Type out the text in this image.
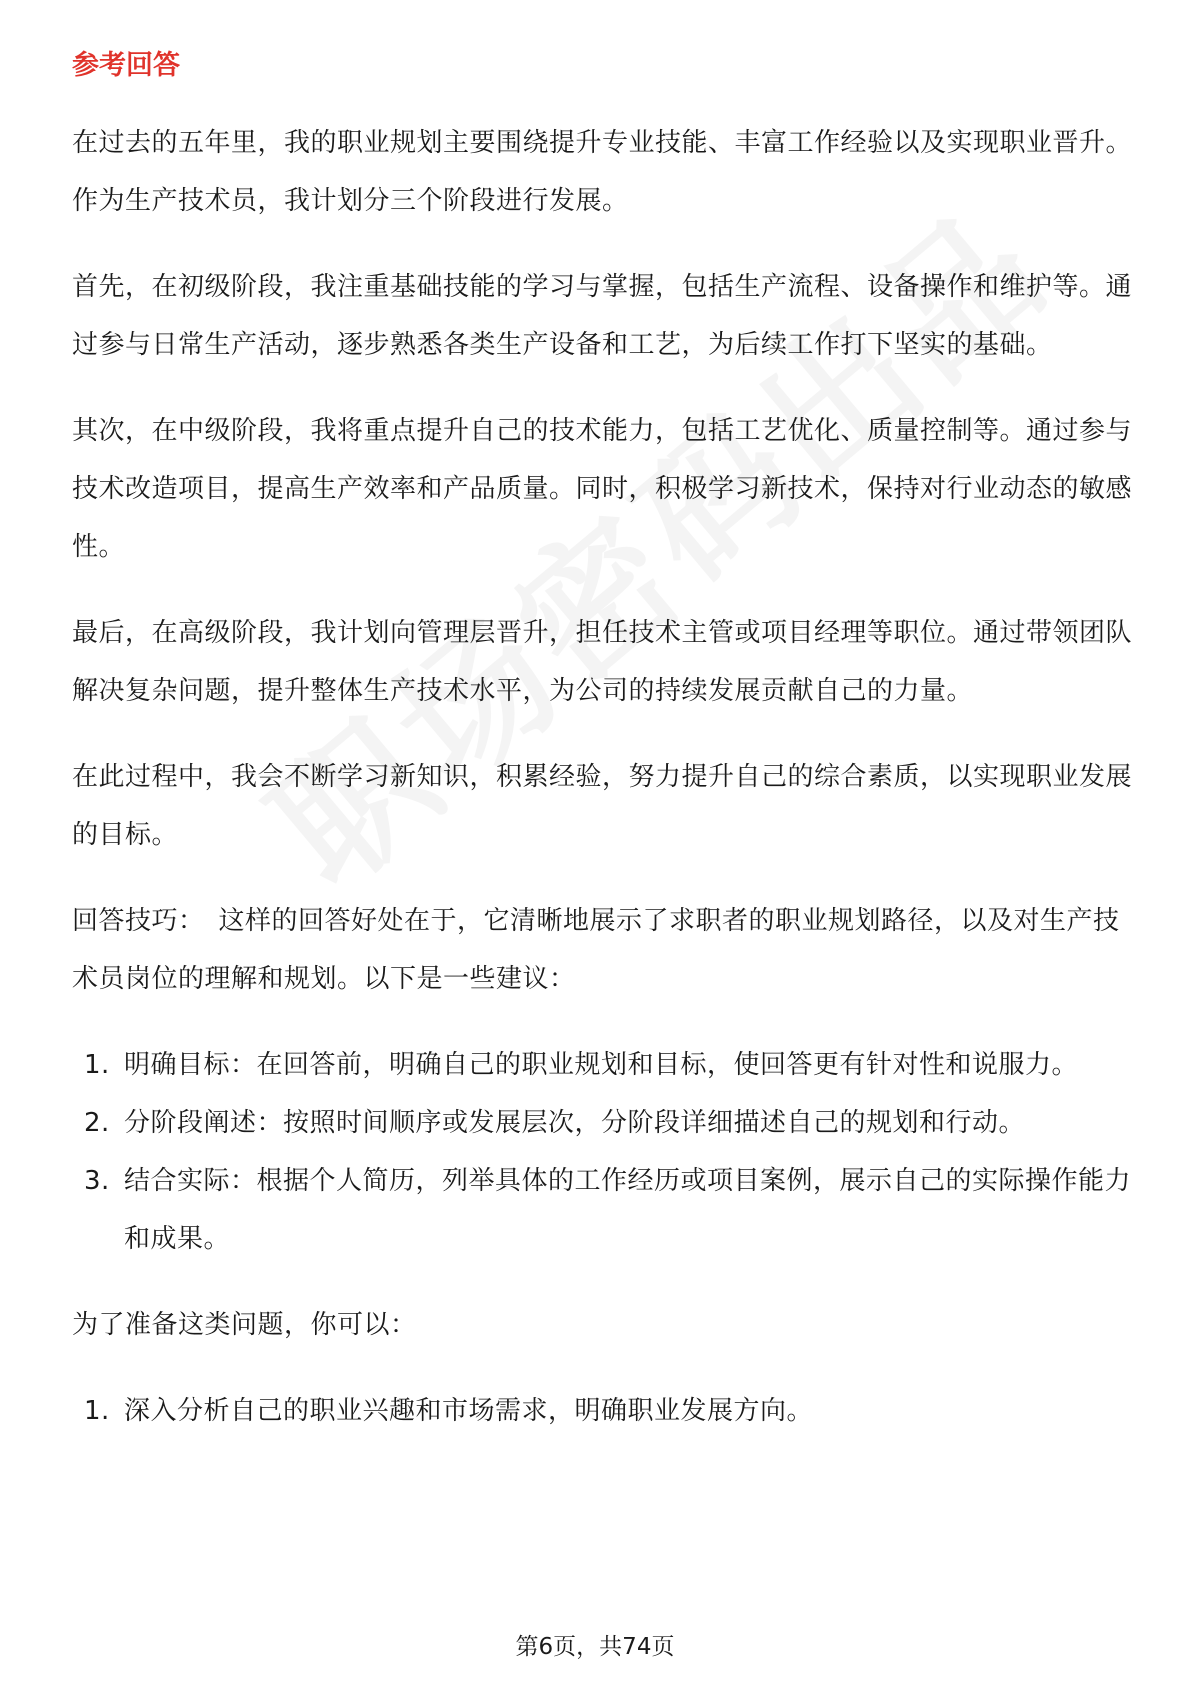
参考回答

在过去的五年里，我的职业规划主要围绕提升专业技能、丰富工作经验以及实现职业晋升。作为生产技术员，我计划分三个阶段进行发展。

首先，在初级阶段，我注重基础技能的学习与掌握，包括生产流程、设备操作和维护等。通过参与日常生产活动，逐步熟悉各类生产设备和工艺，为后续工作打下坚实的基础。

其次，在中级阶段，我将重点提升自己的技术能力，包括工艺优化、质量控制等。通过参与技术改造项目，提高生产效率和产品质量。同时，积极学习新技术，保持对行业动态的敏感性。

最后，在高级阶段，我计划向管理层晋升，担任技术主管或项目经理等职位。通过带领团队解决复杂问题，提升整体生产技术水平，为公司的持续发展贡献自己的力量。

在此过程中，我会不断学习新知识，积累经验，努力提升自己的综合素质，以实现职业发展的目标。

回答技巧： 这样的回答好处在于，它清晰地展示了求职者的职业规划路径，以及对生产技术员岗位的理解和规划。以下是一些建议：

1. 明确目标：在回答前，明确自己的职业规划和目标，使回答更有针对性和说服力。
2. 分阶段阐述：按照时间顺序或发展层次，分阶段详细描述自己的规划和行动。
3. 结合实际：根据个人简历，列举具体的工作经历或项目案例，展示自己的实际操作能力和成果。

为了准备这类问题，你可以：

1. 深入分析自己的职业兴趣和市场需求，明确职业发展方向。
第6页，共74页
